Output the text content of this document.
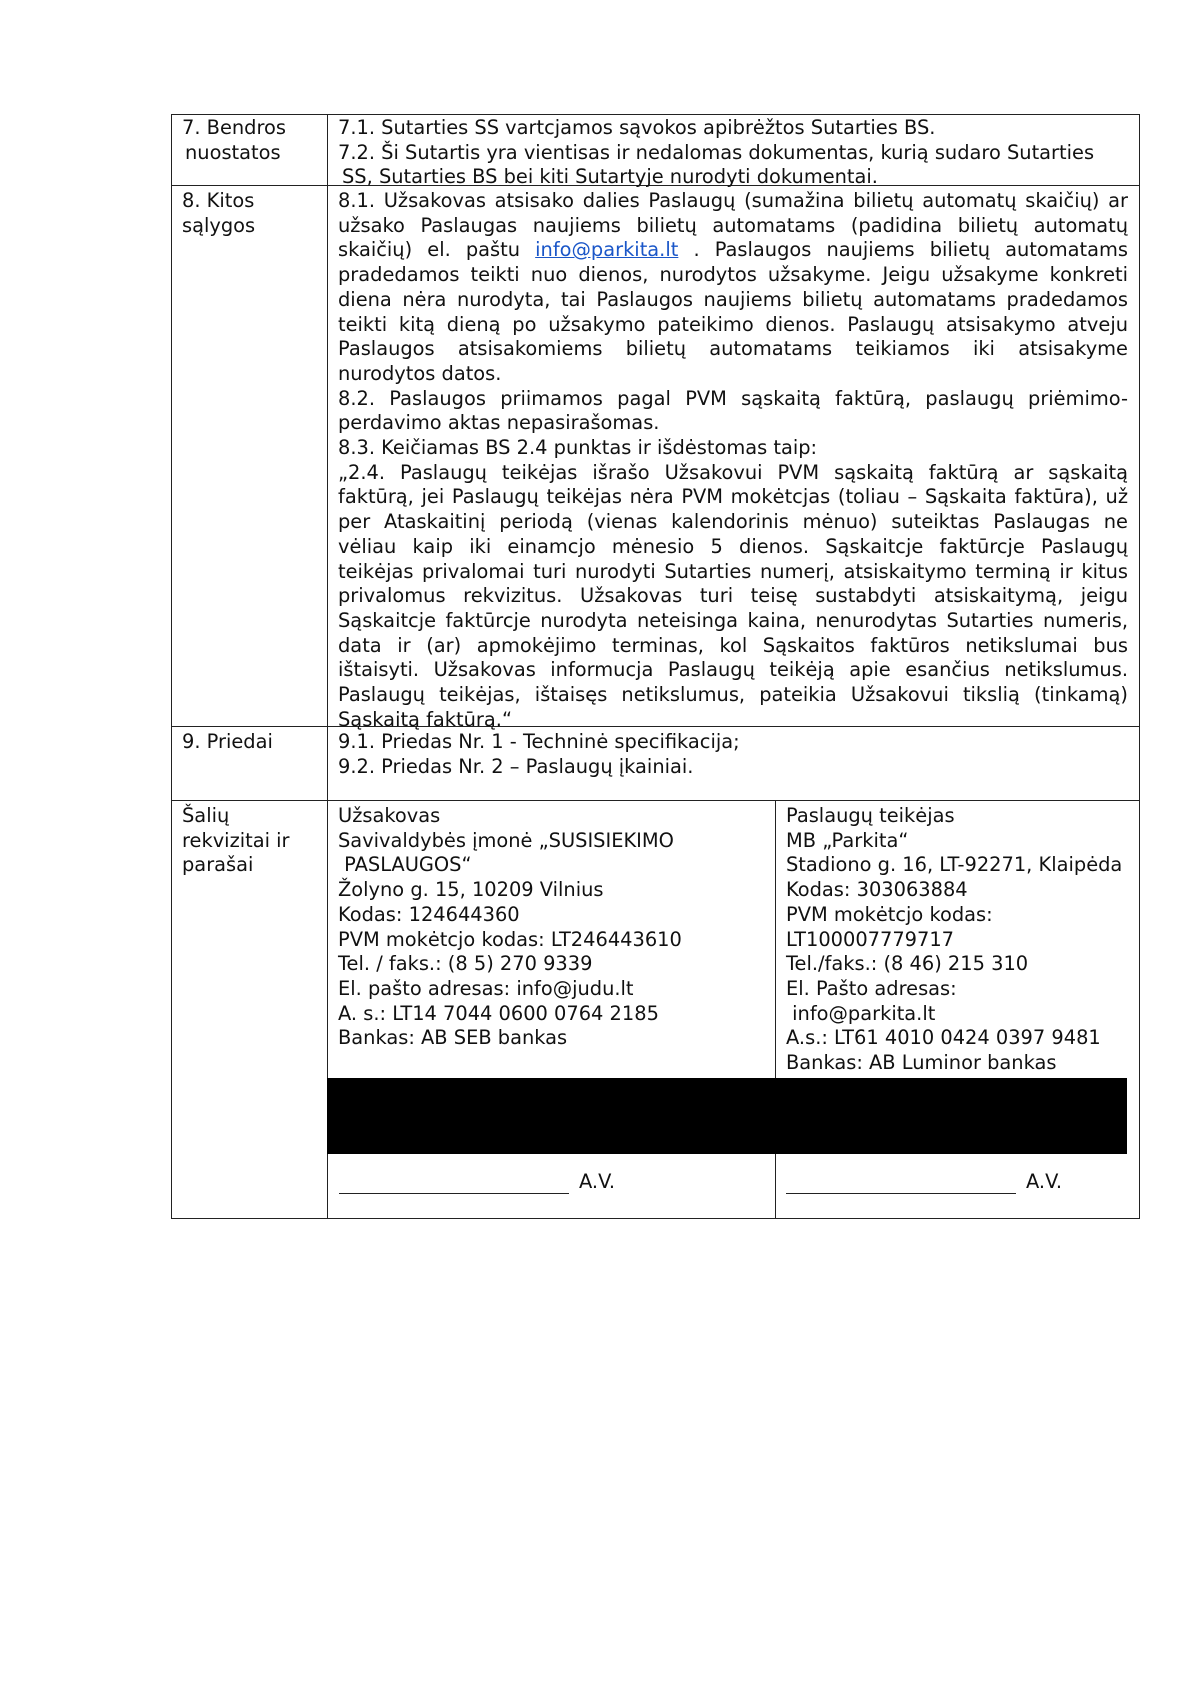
7. Bendros
nuostatos
7.1. Sutarties SS vartcjamos sąvokos apibrėžtos Sutarties BS.
7.2. Ši Sutartis yra vientisas ir nedalomas dokumentas, kurią sudaro Sutarties
SS, Sutarties BS bei kiti Sutartyje nurodyti dokumentai.
8. Kitos
sąlygos
8.1. Užsakovas atsisako dalies Paslaugų (sumažina bilietų automatų skaičių) ar
užsako Paslaugas naujiems bilietų automatams (padidina bilietų automatų
skaičių) el. paštu info@parkita.lt . Paslaugos naujiems bilietų automatams
pradedamos teikti nuo dienos, nurodytos užsakyme. Jeigu užsakyme konkreti
diena nėra nurodyta, tai Paslaugos naujiems bilietų automatams pradedamos
teikti kitą dieną po užsakymo pateikimo dienos. Paslaugų atsisakymo atveju
Paslaugos atsisakomiems bilietų automatams teikiamos iki atsisakyme
nurodytos datos.
8.2. Paslaugos priimamos pagal PVM sąskaitą faktūrą, paslaugų priėmimo-
perdavimo aktas nepasirašomas.
8.3. Keičiamas BS 2.4 punktas ir išdėstomas taip:
„2.4. Paslaugų teikėjas išrašo Užsakovui PVM sąskaitą faktūrą ar sąskaitą
faktūrą, jei Paslaugų teikėjas nėra PVM mokėtcjas (toliau – Sąskaita faktūra), už
per Ataskaitinį periodą (vienas kalendorinis mėnuo) suteiktas Paslaugas ne
vėliau kaip iki einamcjo mėnesio 5 dienos. Sąskaitcje faktūrcje Paslaugų
teikėjas privalomai turi nurodyti Sutarties numerį, atsiskaitymo terminą ir kitus
privalomus rekvizitus. Užsakovas turi teisę sustabdyti atsiskaitymą, jeigu
Sąskaitcje faktūrcje nurodyta neteisinga kaina, nenurodytas Sutarties numeris,
data ir (ar) apmokėjimo terminas, kol Sąskaitos faktūros netikslumai bus
ištaisyti. Užsakovas informucja Paslaugų teikėją apie esančius netikslumus.
Paslaugų teikėjas, ištaisęs netikslumus, pateikia Užsakovui tikslią (tinkamą)
Sąskaitą faktūrą.“
9. Priedai	9.1. Priedas Nr. 1 - Techninė specifikacija;
9.2. Priedas Nr. 2 – Paslaugų įkainiai.
Šalių
rekvizitai ir
parašai
Užsakovas
Savivaldybės įmonė „SUSISIEKIMO
PASLAUGOS“
Žolyno g. 15, 10209 Vilnius
Kodas: 124644360
PVM mokėtcjo kodas: LT246443610
Tel. / faks.: (8 5) 270 9339
El. pašto adresas: info@judu.lt
A. s.: LT14 7044 0600 0764 2185
Bankas: AB SEB bankas
Paslaugų teikėjas
MB „Parkita“
Stadiono g. 16, LT-92271, Klaipėda
Kodas: 303063884
PVM mokėtcjo kodas:
LT100007779717
Tel./faks.: (8 46) 215 310
El. Pašto adresas:
info@parkita.lt
A.s.: LT61 4010 0424 0397 9481
Bankas: AB Luminor bankas
A.V.	A.V.
